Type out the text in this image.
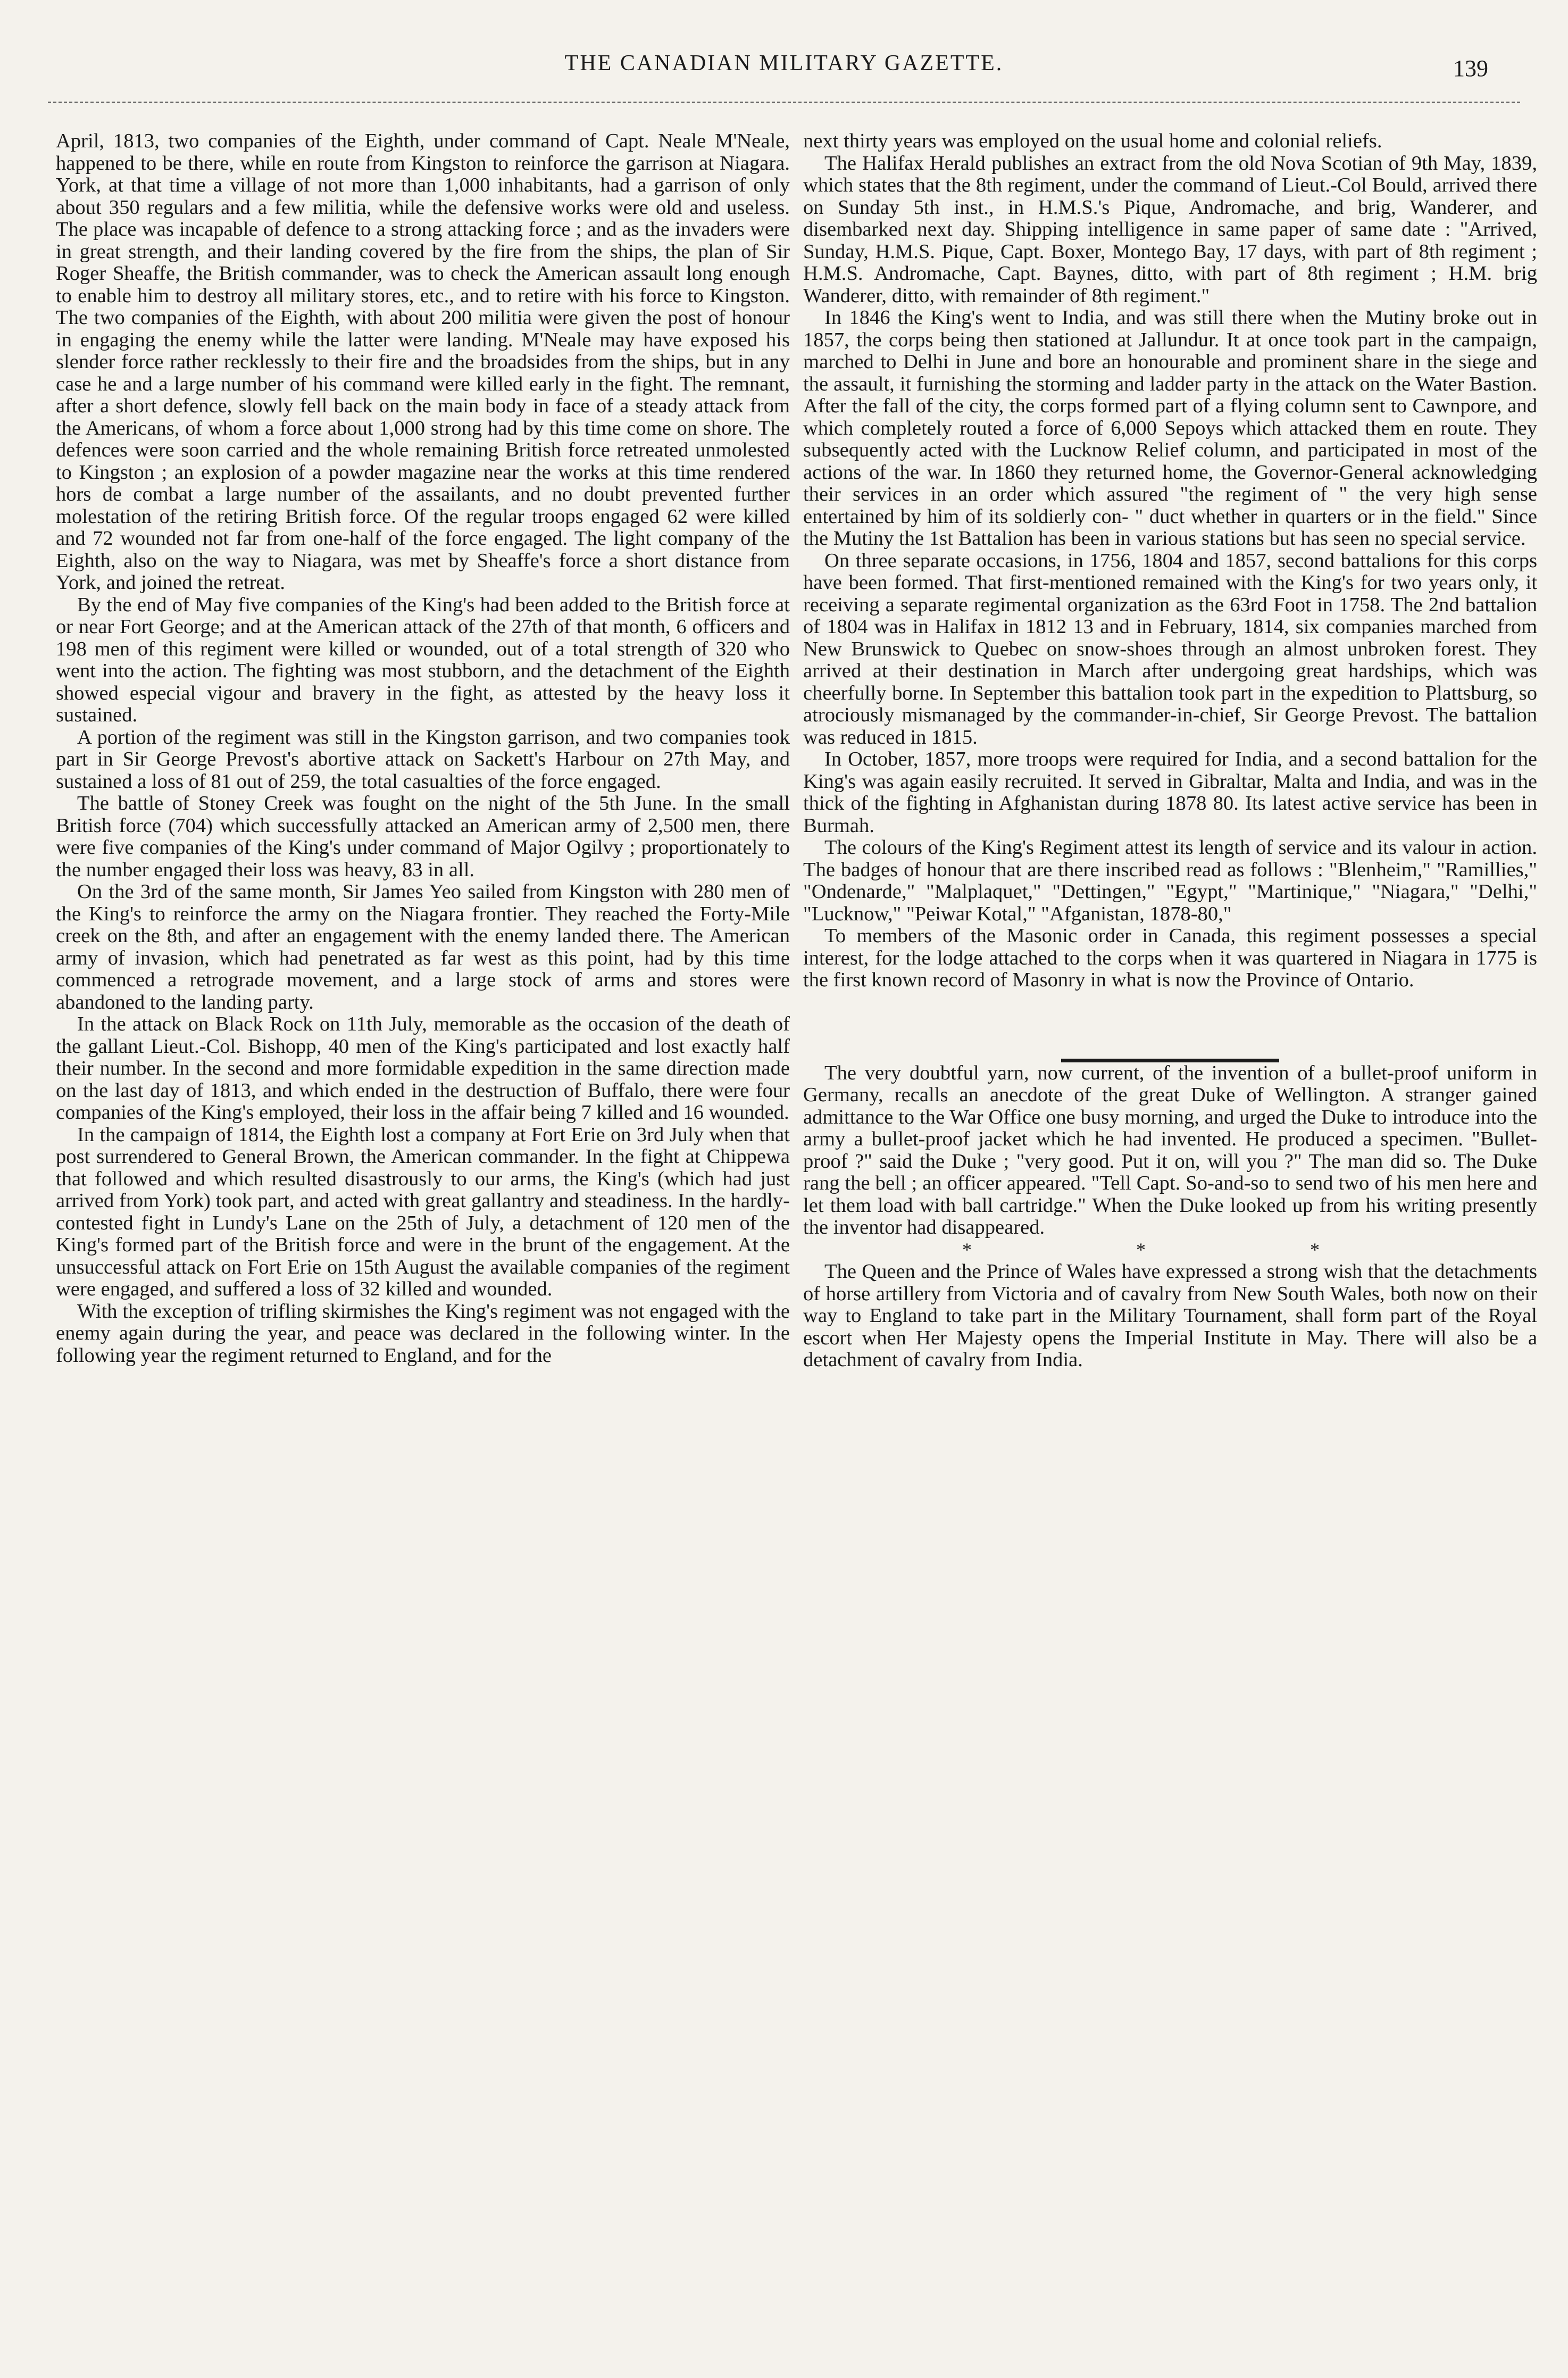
THE CANADIAN MILITARY GAZETTE.	139

April, 1813, two companies of the Eighth, under command of Capt. Neale M'Neale, happened to be there, while en route from Kingston to reinforce the garrison at Niagara. York, at that time a village of not more than 1,000 inhabitants, had a garrison of only about 350 regulars and a few militia, while the defensive works were old and useless. The place was incapable of defence to a strong attacking force ; and as the invaders were in great strength, and their landing covered by the fire from the ships, the plan of Sir Roger Sheaffe, the British commander, was to check the American assault long enough to enable him to destroy all military stores, etc., and to retire with his force to Kingston. The two companies of the Eighth, with about 200 militia were given the post of honour in engaging the enemy while the latter were landing. M'Neale may have exposed his slender force rather recklessly to their fire and the broadsides from the ships, but in any case he and a large number of his command were killed early in the fight. The remnant, after a short defence, slowly fell back on the main body in face of a steady attack from the Americans, of whom a force about 1,000 strong had by this time come on shore. The defences were soon carried and the whole remaining British force retreated unmolested to Kingston ; an explosion of a powder magazine near the works at this time rendered hors de combat a large number of the assailants, and no doubt prevented further molestation of the retiring British force. Of the regular troops engaged 62 were killed and 72 wounded not far from one-half of the force engaged. The light company of the Eighth, also on the way to Niagara, was met by Sheaffe's force a short distance from York, and joined the retreat.

By the end of May five companies of the King's had been added to the British force at or near Fort George; and at the American attack of the 27th of that month, 6 officers and 198 men of this regiment were killed or wounded, out of a total strength of 320 who went into the action. The fighting was most stubborn, and the detachment of the Eighth showed especial vigour and bravery in the fight, as attested by the heavy loss it sustained.

A portion of the regiment was still in the Kingston garrison, and two companies took part in Sir George Prevost's abortive attack on Sackett's Harbour on 27th May, and sustained a loss of 81 out of 259, the total casualties of the force engaged.

The battle of Stoney Creek was fought on the night of the 5th June. In the small British force (704) which successfully attacked an American army of 2,500 men, there were five companies of the King's under command of Major Ogilvy ; proportionately to the number engaged their loss was heavy, 83 in all.

On the 3rd of the same month, Sir James Yeo sailed from Kingston with 280 men of the King's to reinforce the army on the Niagara frontier. They reached the Forty-Mile creek on the 8th, and after an engagement with the enemy landed there. The American army of invasion, which had penetrated as far west as this point, had by this time commenced a retrograde movement, and a large stock of arms and stores were abandoned to the landing party.

In the attack on Black Rock on 11th July, memorable as the occasion of the death of the gallant Lieut.-Col. Bishopp, 40 men of the King's participated and lost exactly half their number. In the second and more formidable expedition in the same direction made on the last day of 1813, and which ended in the destruction of Buffalo, there were four companies of the King's employed, their loss in the affair being 7 killed and 16 wounded.

In the campaign of 1814, the Eighth lost a company at Fort Erie on 3rd July when that post surrendered to General Brown, the American commander. In the fight at Chippewa that followed and which resulted disastrously to our arms, the King's (which had just arrived from York) took part, and acted with great gallantry and steadiness. In the hardly-contested fight in Lundy's Lane on the 25th of July, a detachment of 120 men of the King's formed part of the British force and were in the brunt of the engagement. At the unsuccessful attack on Fort Erie on 15th August the available companies of the regiment were engaged, and suffered a loss of 32 killed and wounded.

With the exception of trifling skirmishes the King's regiment was not engaged with the enemy again during the year, and peace was declared in the following winter. In the following year the regiment returned to England, and for the

next thirty years was employed on the usual home and colonial reliefs.

The Halifax Herald publishes an extract from the old Nova Scotian of 9th May, 1839, which states that the 8th regiment, under the command of Lieut.-Col Bould, arrived there on Sunday 5th inst., in H.M.S.'s Pique, Andromache, and brig, Wanderer, and disembarked next day. Shipping intelligence in same paper of same date : "Arrived, Sunday, H.M.S. Pique, Capt. Boxer, Montego Bay, 17 days, with part of 8th regiment ; H.M.S. Andromache, Capt. Baynes, ditto, with part of 8th regiment ; H.M. brig Wanderer, ditto, with remainder of 8th regiment."

In 1846 the King's went to India, and was still there when the Mutiny broke out in 1857, the corps being then stationed at Jallundur. It at once took part in the campaign, marched to Delhi in June and bore an honourable and prominent share in the siege and the assault, it furnishing the storming and ladder party in the attack on the Water Bastion. After the fall of the city, the corps formed part of a flying column sent to Cawnpore, and which completely routed a force of 6,000 Sepoys which attacked them en route. They subsequently acted with the Lucknow Relief column, and participated in most of the actions of the war. In 1860 they returned home, the Governor-General acknowledging their services in an order which assured "the regiment of " the very high sense entertained by him of its soldierly con- " duct whether in quarters or in the field." Since the Mutiny the 1st Battalion has been in various stations but has seen no special service.

On three separate occasions, in 1756, 1804 and 1857, second battalions for this corps have been formed. That first-mentioned remained with the King's for two years only, it receiving a separate regimental organization as the 63rd Foot in 1758. The 2nd battalion of 1804 was in Halifax in 1812 13 and in February, 1814, six companies marched from New Brunswick to Quebec on snow-shoes through an almost unbroken forest. They arrived at their destination in March after undergoing great hardships, which was cheerfully borne. In September this battalion took part in the expedition to Plattsburg, so atrociously mismanaged by the commander-in-chief, Sir George Prevost. The battalion was reduced in 1815.

In October, 1857, more troops were required for India, and a second battalion for the King's was again easily recruited. It served in Gibraltar, Malta and India, and was in the thick of the fighting in Afghanistan during 1878 80. Its latest active service has been in Burmah.

The colours of the King's Regiment attest its length of service and its valour in action. The badges of honour that are there inscribed read as follows : "Blenheim," "Ramillies," "Ondenarde," "Malplaquet," "Dettingen," "Egypt," "Martinique," "Niagara," "Delhi," "Lucknow," "Peiwar Kotal," "Afganistan, 1878-80,"

To members of the Masonic order in Canada, this regiment possesses a special interest, for the lodge attached to the corps when it was quartered in Niagara in 1775 is the first known record of Masonry in what is now the Province of Ontario.

The very doubtful yarn, now current, of the invention of a bullet-proof uniform in Germany, recalls an anecdote of the great Duke of Wellington. A stranger gained admittance to the War Office one busy morning, and urged the Duke to introduce into the army a bullet-proof jacket which he had invented. He produced a specimen. "Bullet-proof ?" said the Duke ; "very good. Put it on, will you ?" The man did so. The Duke rang the bell ; an officer appeared. "Tell Capt. So-and-so to send two of his men here and let them load with ball cartridge." When the Duke looked up from his writing presently the inventor had disappeared.

* * *

The Queen and the Prince of Wales have expressed a strong wish that the detachments of horse artillery from Victoria and of cavalry from New South Wales, both now on their way to England to take part in the Military Tournament, shall form part of the Royal escort when Her Majesty opens the Imperial Institute in May. There will also be a detachment of cavalry from India.
